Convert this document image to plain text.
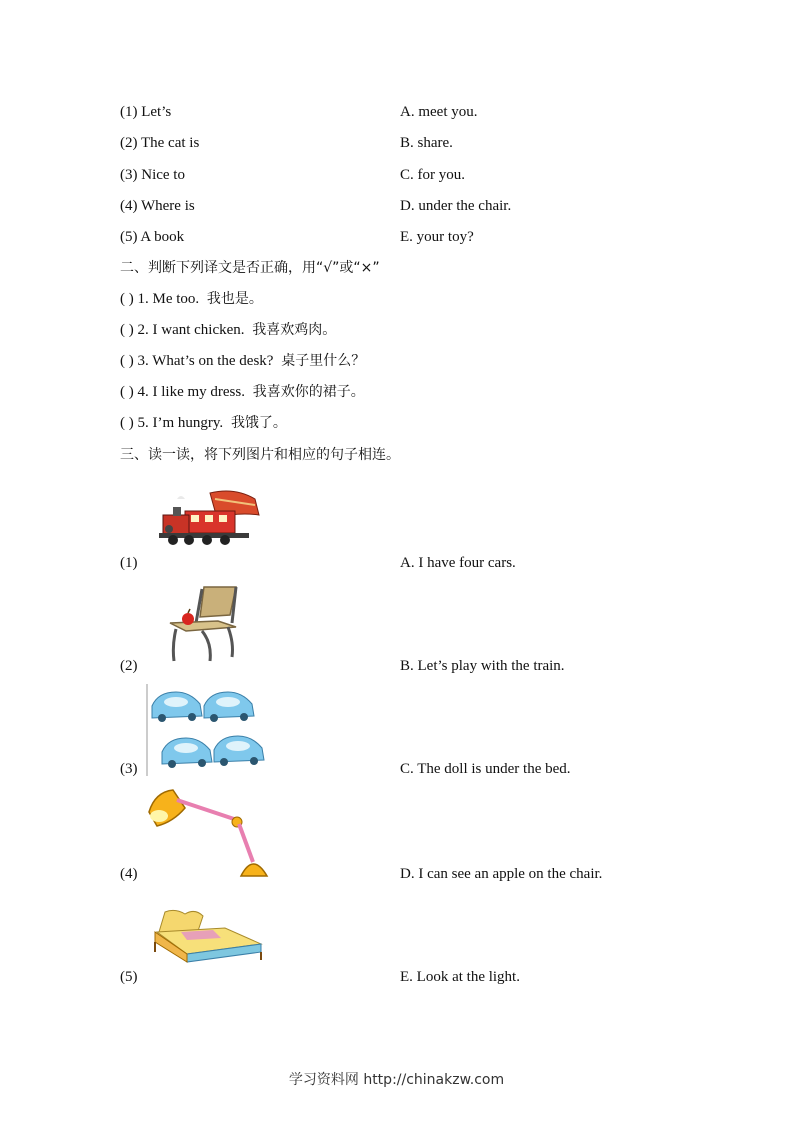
(1) Let’s	A. meet you.
(2) The cat is	B. share.
(3) Nice to	C. for you.
(4) Where is	D. under the chair.
(5) A book	E. your toy?
二、判断下列译文是否正确，用“√”或“×”
( ) 1. Me too. 我也是。
( ) 2. I want chicken. 我喜欢鸡肉。
( ) 3. What’s on the desk? 桌子里什么？
( ) 4. I like my dress. 我喜欢你的裙子。
( ) 5. I’m hungry. 我饿了。
三、读一读，将下列图片和相应的句子相连。
(1)	A. I have four cars.
(2)	B. Let’s play with the train.
(3)	C. The doll is under the bed.
(4)	D. I can see an apple on the chair.
(5)	E. Look at the light.
学习资料网 http://chinakzw.com
